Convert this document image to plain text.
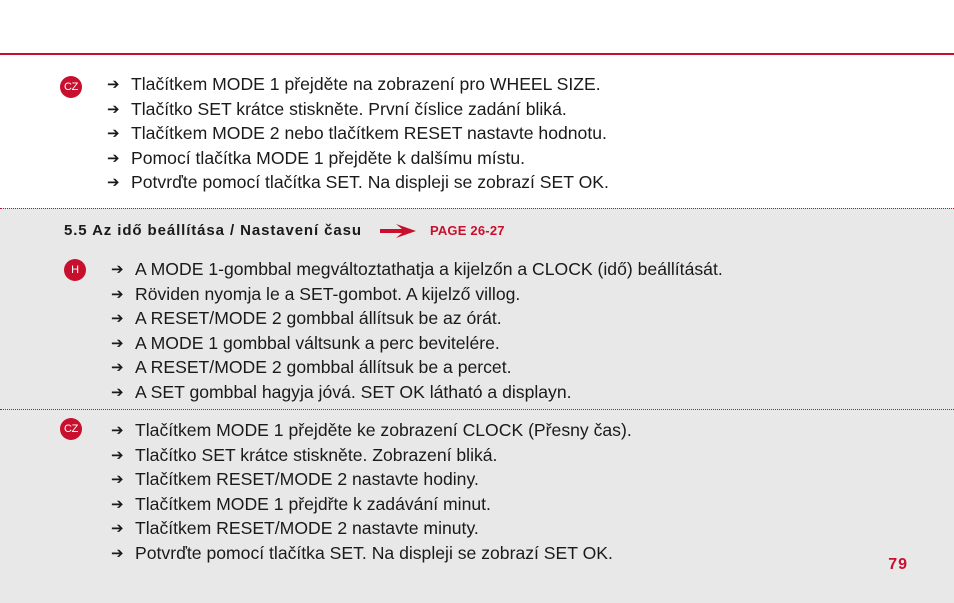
CZ ➔ Tlačítkem MODE 1 přejděte na zobrazení pro WHEEL SIZE.
➔ Tlačítko SET krátce stiskněte. První číslice zadání bliká.
➔ Tlačítkem MODE 2 nebo tlačítkem RESET nastavte hodnotu.
➔ Pomocí tlačítka MODE 1 přejděte k dalšímu místu.
➔ Potvrďte pomocí tlačítka SET. Na displeji se zobrazí SET OK.
5.5 Az idő beállítása / Nastavení času	PAGE 26-27
H	➔ A MODE 1-gombbal megváltoztathatja a kijelzőn a CLOCK (idő) beállítását.
➔ Röviden nyomja le a SET-gombot. A kijelző villog.
➔ A RESET/MODE 2 gombbal állítsuk be az órát.
➔ A MODE 1 gombbal váltsunk a perc bevitelére.
➔ A RESET/MODE 2 gombbal állítsuk be a percet.
➔ A SET gombbal hagyja jóvá. SET OK látható a displayn.
CZ ➔ Tlačítkem MODE 1 přejděte ke zobrazení CLOCK (Přesny čas).
➔ Tlačítko SET krátce stiskněte. Zobrazení bliká.
➔ Tlačítkem RESET/MODE 2 nastavte hodiny.
➔ Tlačítkem MODE 1 přejdřte k zadávání minut.
➔ Tlačítkem RESET/MODE 2 nastavte minuty.
➔ Potvrďte pomocí tlačítka SET. Na displeji se zobrazí SET OK.
79
